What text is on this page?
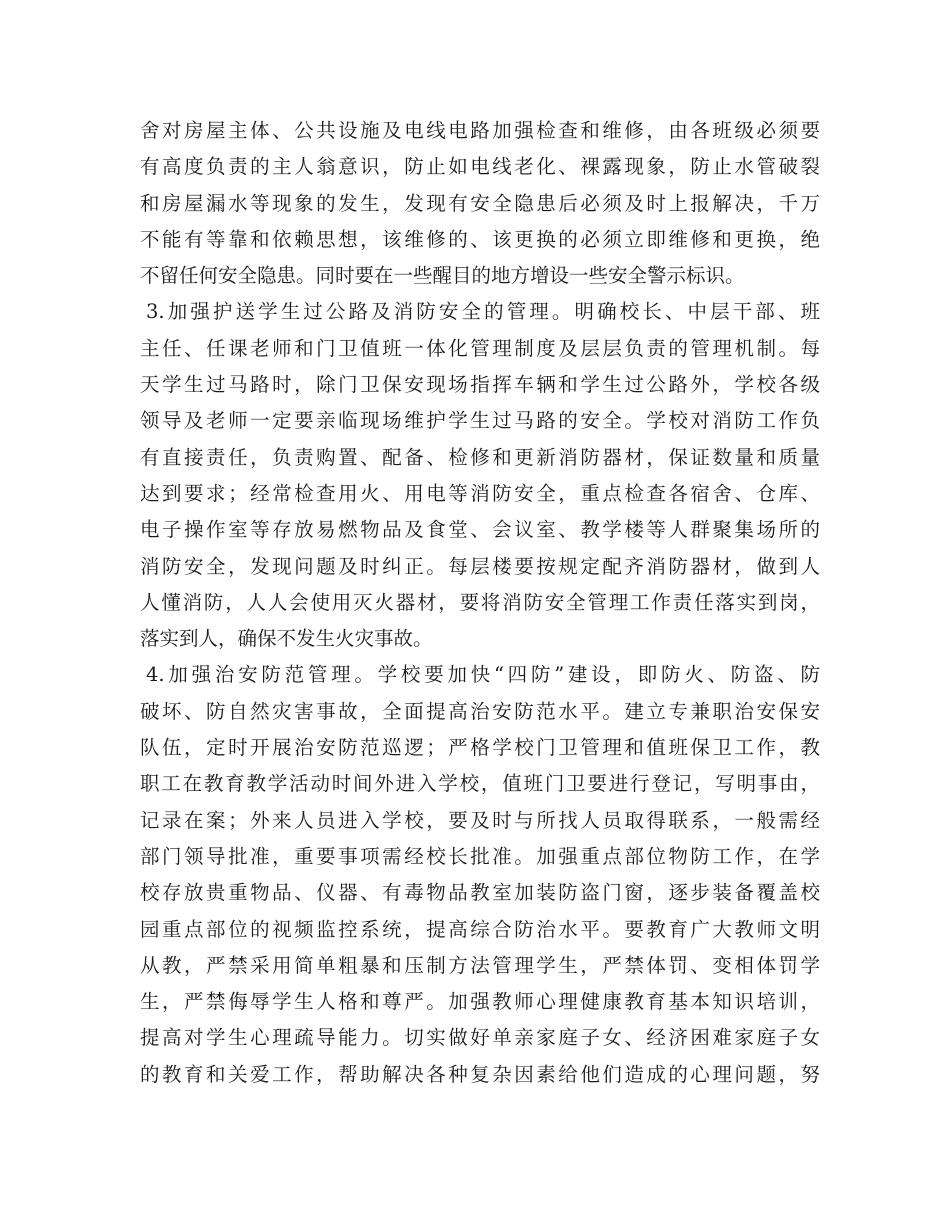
舍对房屋主体、公共设施及电线电路加强检查和维修，由各班级必须要
有高度负责的主人翁意识，防止如电线老化、裸露现象，防止水管破裂
和房屋漏水等现象的发生，发现有安全隐患后必须及时上报解决，千万
不能有等靠和依赖思想，该维修的、该更换的必须立即维修和更换，绝
不留任何安全隐患。同时要在一些醒目的地方增设一些安全警示标识。
3.加强护送学生过公路及消防安全的管理。明确校长、中层干部、班
主任、任课老师和门卫值班一体化管理制度及层层负责的管理机制。每
天学生过马路时，除门卫保安现场指挥车辆和学生过公路外，学校各级
领导及老师一定要亲临现场维护学生过马路的安全。学校对消防工作负
有直接责任，负责购置、配备、检修和更新消防器材，保证数量和质量
达到要求；经常检查用火、用电等消防安全，重点检查各宿舍、仓库、
电子操作室等存放易燃物品及食堂、会议室、教学楼等人群聚集场所的
消防安全，发现问题及时纠正。每层楼要按规定配齐消防器材，做到人
人懂消防，人人会使用灭火器材，要将消防安全管理工作责任落实到岗，
落实到人，确保不发生火灾事故。
4.加强治安防范管理。学校要加快“四防”建设，即防火、防盗、防
破坏、防自然灾害事故，全面提高治安防范水平。建立专兼职治安保安
队伍，定时开展治安防范巡逻；严格学校门卫管理和值班保卫工作，教
职工在教育教学活动时间外进入学校，值班门卫要进行登记，写明事由，
记录在案；外来人员进入学校，要及时与所找人员取得联系，一般需经
部门领导批准，重要事项需经校长批准。加强重点部位物防工作，在学
校存放贵重物品、仪器、有毒物品教室加装防盗门窗，逐步装备覆盖校
园重点部位的视频监控系统，提高综合防治水平。要教育广大教师文明
从教，严禁采用简单粗暴和压制方法管理学生，严禁体罚、变相体罚学
生，严禁侮辱学生人格和尊严。加强教师心理健康教育基本知识培训，
提高对学生心理疏导能力。切实做好单亲家庭子女、经济困难家庭子女
的教育和关爱工作，帮助解决各种复杂因素给他们造成的心理问题，努
